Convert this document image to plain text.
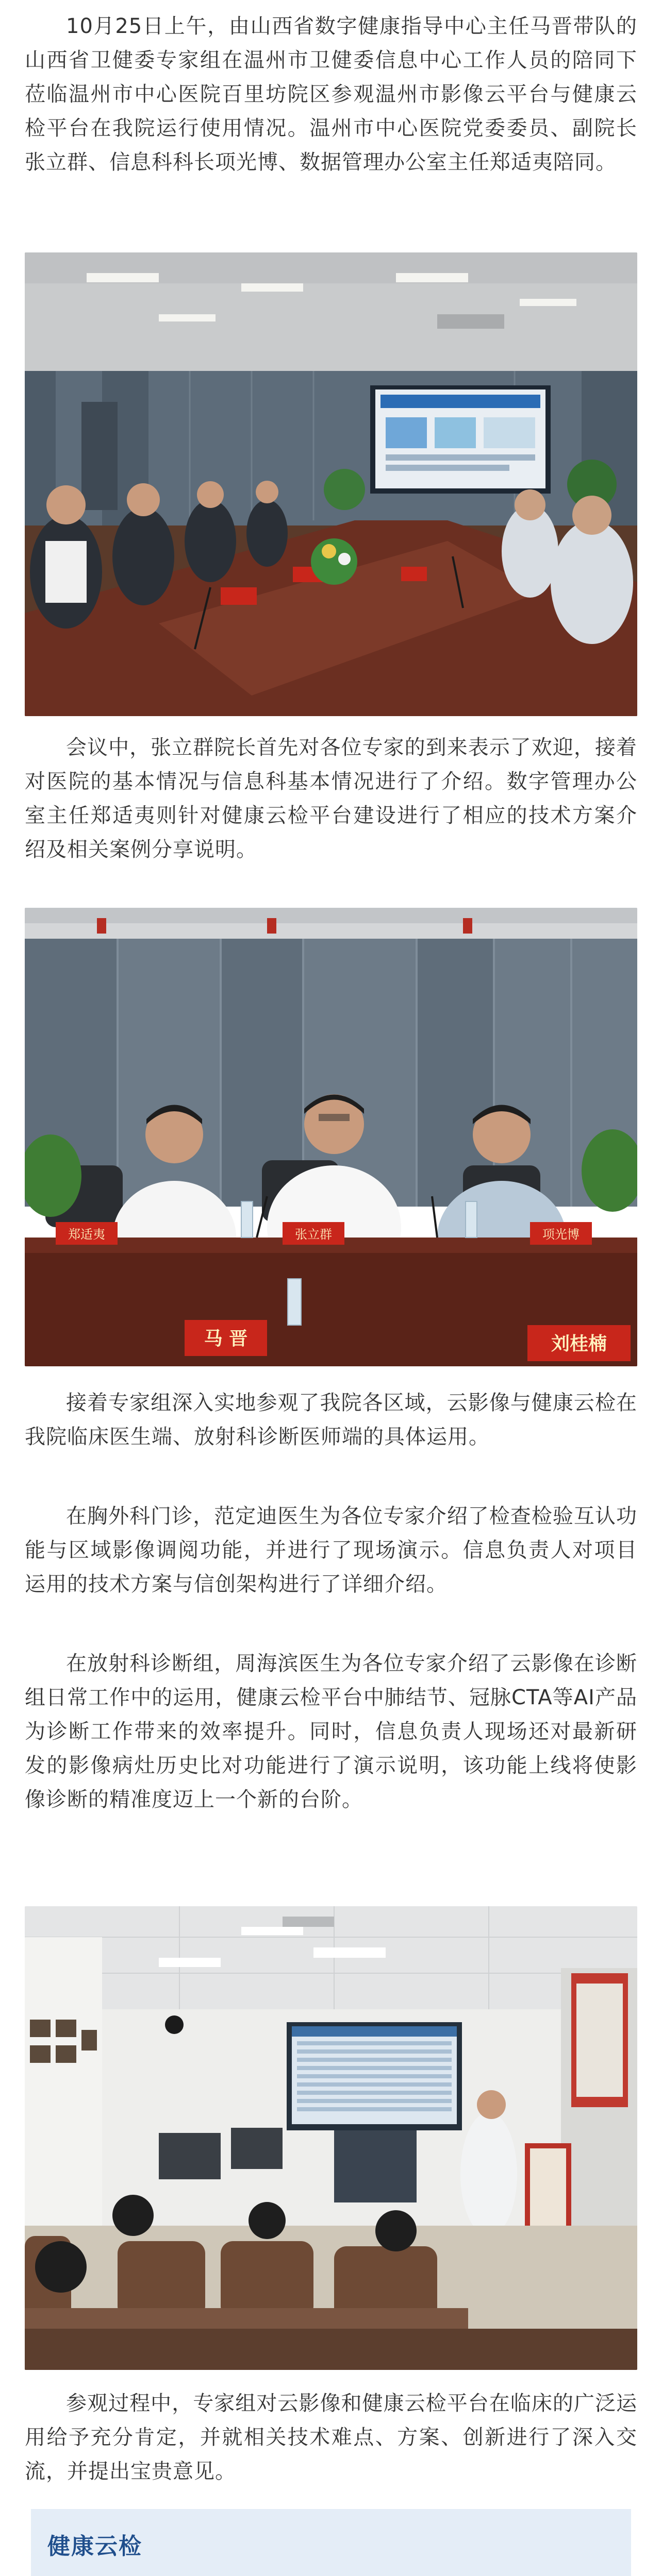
10月25日上午，由山西省数字健康指导中心主任马晋带队的山西省卫健委专家组在温州市卫健委信息中心工作人员的陪同下莅临温州市中心医院百里坊院区参观温州市影像云平台与健康云检平台在我院运行使用情况。温州市中心医院党委委员、副院长张立群、信息科科长项光博、数据管理办公室主任郑适夷陪同。

会议中，张立群院长首先对各位专家的到来表示了欢迎，接着对医院的基本情况与信息科基本情况进行了介绍。数字管理办公室主任郑适夷则针对健康云检平台建设进行了相应的技术方案介绍及相关案例分享说明。

郑适夷	张立群	项光博
马 晋	刘桂楠

接着专家组深入实地参观了我院各区域，云影像与健康云检在我院临床医生端、放射科诊断医师端的具体运用。

在胸外科门诊，范定迪医生为各位专家介绍了检查检验互认功能与区域影像调阅功能，并进行了现场演示。信息负责人对项目运用的技术方案与信创架构进行了详细介绍。

在放射科诊断组，周海滨医生为各位专家介绍了云影像在诊断组日常工作中的运用，健康云检平台中肺结节、冠脉CTA等AI产品为诊断工作带来的效率提升。同时，信息负责人现场还对最新研发的影像病灶历史比对功能进行了演示说明，该功能上线将使影像诊断的精准度迈上一个新的台阶。

参观过程中，专家组对云影像和健康云检平台在临床的广泛运用给予充分肯定，并就相关技术难点、方案、创新进行了深入交流，并提出宝贵意见。

健康云检
